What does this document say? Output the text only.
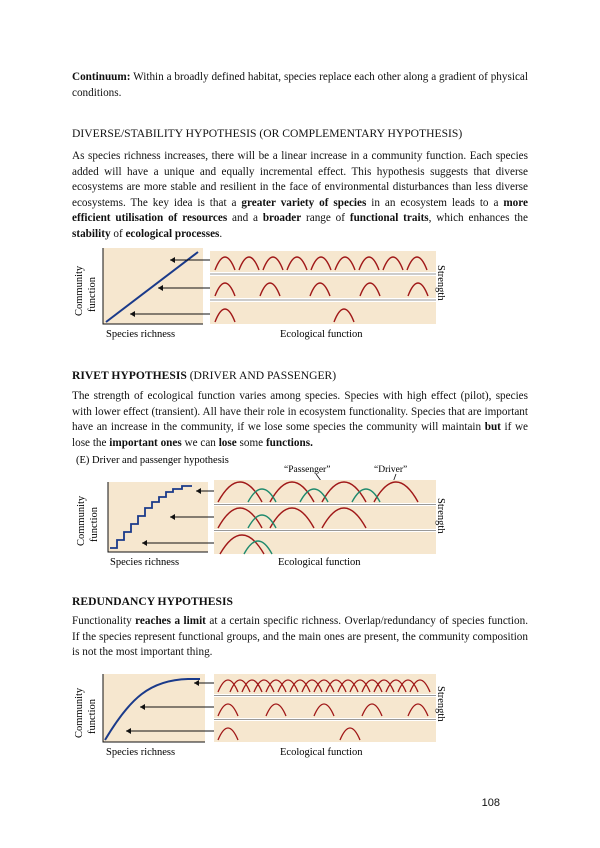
Continuum: Within a broadly defined habitat, species replace each other along a gradient of physical conditions.
DIVERSE/STABILITY HYPOTHESIS (OR COMPLEMENTARY HYPOTHESIS)
As species richness increases, there will be a linear increase in a community function. Each species added will have a unique and equally incremental effect. This hypothesis suggests that diverse ecosystems are more stable and resilient in the face of environmental disturbances than less diverse ecosystems. The key idea is that a greater variety of species in an ecosystem leads to a more efficient utilisation of resources and a broader range of functional traits, which enhances the stability of ecological processes.
Community function
Species richness	Ecological function
Strength
RIVET HYPOTHESIS (DRIVER AND PASSENGER)
The strength of ecological function varies among species. Species with high effect (pilot), species with lower effect (transient). All have their role in ecosystem functionality. Species that are important have an increase in the community, if we lose some species the community will maintain but if we lose the important ones we can lose some functions.
(E) Driver and passenger hypothesis
“Passenger”	“Driver”
Community function
Species richness	Ecological function
Strength
REDUNDANCY HYPOTHESIS
Functionality reaches a limit at a certain specific richness. Overlap/redundancy of species function. If the species represent functional groups, and the main ones are present, the community composition is not the most important thing.
Community function
Species richness	Ecological function
Strength
108
